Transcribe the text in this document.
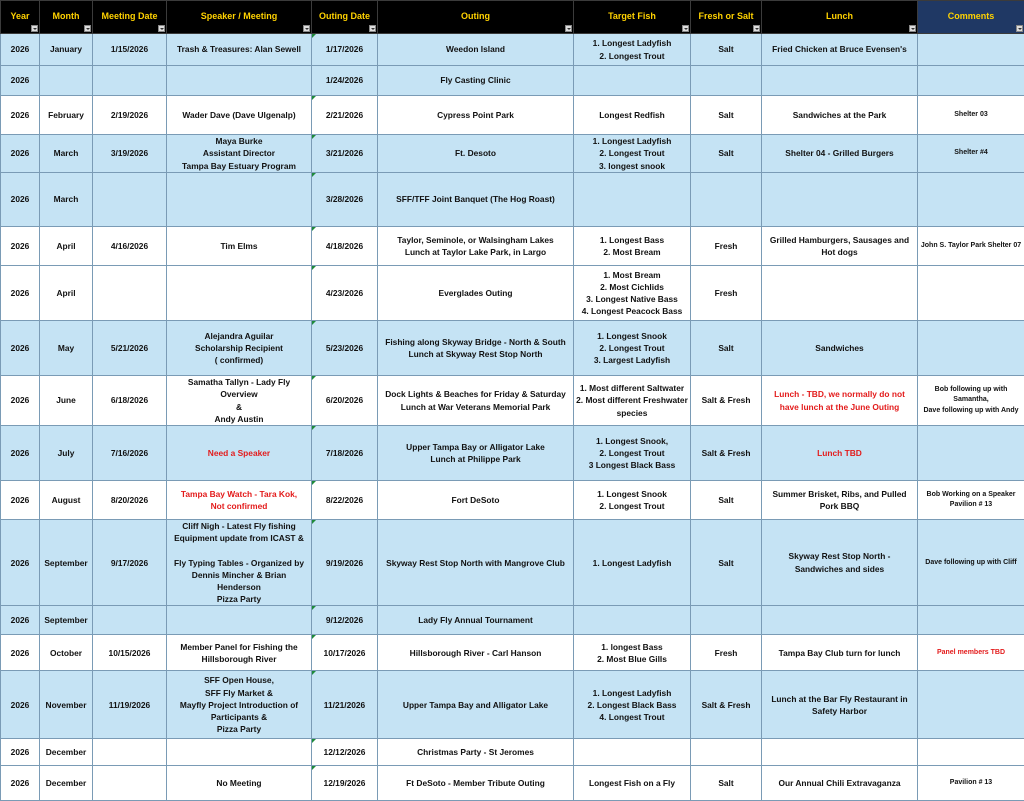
Year	Month	Meeting Date	Speaker / Meeting	Outing Date	Outing	Target Fish	Fresh or Salt	Lunch	Comments

2026	January	1/15/2026	Trash & Treasures: Alan Sewell	1/17/2026	Weedon Island	1. Longest Ladyfish
2. Longest Trout	Salt	Fried Chicken at Bruce Evensen's	
2026				1/24/2026	Fly Casting Clinic				
2026	February	2/19/2026	Wader Dave (Dave Ulgenalp)	2/21/2026	Cypress Point Park	Longest Redfish	Salt	Sandwiches at the Park	Shelter 03
2026	March	3/19/2026	Maya Burke
Assistant Director
Tampa Bay Estuary Program	3/21/2026	Ft. Desoto	1. Longest Ladyfish
2. Longest Trout
3. longest snook	Salt	Shelter 04 - Grilled Burgers	Shelter #4
2026	March			3/28/2026	SFF/TFF Joint Banquet (The Hog Roast)				
2026	April	4/16/2026	Tim Elms	4/18/2026	Taylor, Seminole, or Walsingham Lakes
Lunch at Taylor Lake Park, in Largo	1. Longest Bass
2. Most Bream	Fresh	Grilled Hamburgers, Sausages and Hot dogs	John S. Taylor Park Shelter 07
2026	April			4/23/2026	Everglades Outing	1. Most Bream
2. Most Cichlids
3. Longest Native Bass
4. Longest Peacock Bass	Fresh		
2026	May	5/21/2026	Alejandra Aguilar
Scholarship Recipient
( confirmed)	5/23/2026	Fishing along Skyway Bridge - North & South
Lunch at Skyway Rest Stop North	1. Longest Snook
2. Longest Trout
3. Largest Ladyfish	Salt	Sandwiches	
2026	June	6/18/2026	Samatha Tallyn - Lady Fly Overview
&
Andy Austin	6/20/2026	Dock Lights & Beaches for Friday & Saturday
Lunch at War Veterans Memorial Park	1. Most different Saltwater
2. Most different Freshwater species	Salt & Fresh	Lunch - TBD, we normally do not have lunch at the June Outing	Bob following up with Samantha,
Dave following up with Andy
2026	July	7/16/2026	Need a Speaker	7/18/2026	Upper Tampa Bay or Alligator Lake
Lunch at Philippe Park	1. Longest Snook,
2. Longest Trout
3 Longest Black Bass	Salt & Fresh	Lunch TBD	
2026	August	8/20/2026	Tampa Bay Watch - Tara Kok,
Not confirmed	8/22/2026	Fort DeSoto	1. Longest Snook
2. Longest Trout	Salt	Summer Brisket, Ribs, and Pulled Pork BBQ	Bob Working on a Speaker
Pavilion # 13
2026	September	9/17/2026	Cliff Nigh - Latest Fly fishing Equipment update from ICAST &

Fly Typing Tables - Organized by Dennis Mincher & Brian Henderson
Pizza Party	9/19/2026	Skyway Rest Stop North with Mangrove Club	1. Longest Ladyfish	Salt	Skyway Rest Stop North - Sandwiches and sides	Dave following up with Cliff
2026	September			9/12/2026	Lady Fly Annual Tournament				
2026	October	10/15/2026	Member Panel for Fishing the Hillsborough River	10/17/2026	Hillsborough River - Carl Hanson	1. longest Bass
2. Most Blue Gills	Fresh	Tampa Bay Club turn for lunch	Panel members TBD
2026	November	11/19/2026	SFF Open House,
SFF Fly Market &
Mayfly Project Introduction of Participants &
Pizza Party	11/21/2026	Upper Tampa Bay and Alligator Lake	1. Longest Ladyfish
2. Longest Black Bass
4. Longest Trout	Salt & Fresh	Lunch at the Bar Fly Restaurant in Safety Harbor	
2026	December			12/12/2026	Christmas Party - St Jeromes				
2026	December		No Meeting	12/19/2026	Ft DeSoto - Member Tribute Outing	Longest Fish on a Fly	Salt	Our Annual Chili Extravaganza	Pavilion # 13
